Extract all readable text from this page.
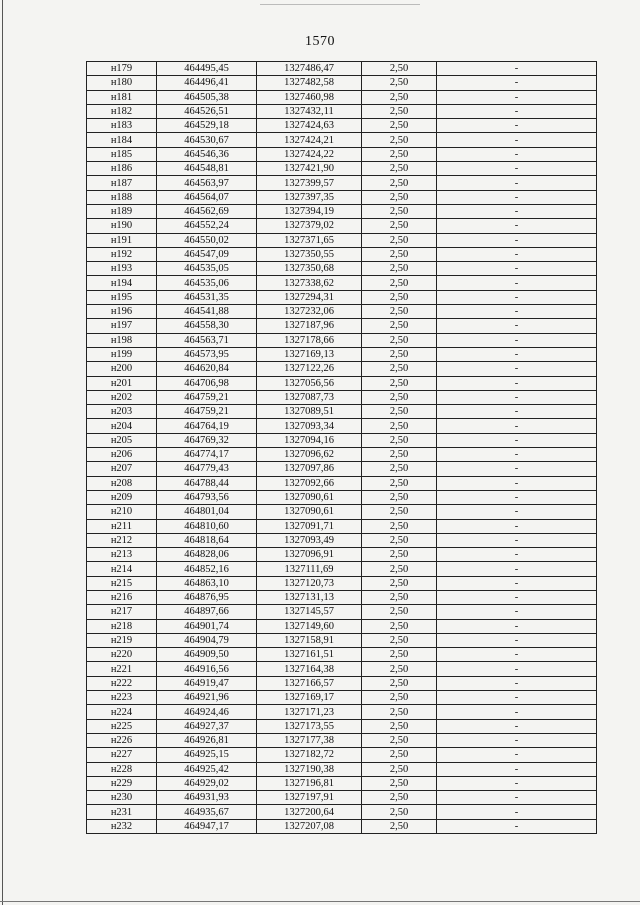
1570
н179	464495,45	1327486,47	2,50	-
н180	464496,41	1327482,58	2,50	-
н181	464505,38	1327460,98	2,50	-
н182	464526,51	1327432,11	2,50	-
н183	464529,18	1327424,63	2,50	-
н184	464530,67	1327424,21	2,50	-
н185	464546,36	1327424,22	2,50	-
н186	464548,81	1327421,90	2,50	-
н187	464563,97	1327399,57	2,50	-
н188	464564,07	1327397,35	2,50	-
н189	464562,69	1327394,19	2,50	-
н190	464552,24	1327379,02	2,50	-
н191	464550,02	1327371,65	2,50	-
н192	464547,09	1327350,55	2,50	-
н193	464535,05	1327350,68	2,50	-
н194	464535,06	1327338,62	2,50	-
н195	464531,35	1327294,31	2,50	-
н196	464541,88	1327232,06	2,50	-
н197	464558,30	1327187,96	2,50	-
н198	464563,71	1327178,66	2,50	-
н199	464573,95	1327169,13	2,50	-
н200	464620,84	1327122,26	2,50	-
н201	464706,98	1327056,56	2,50	-
н202	464759,21	1327087,73	2,50	-
н203	464759,21	1327089,51	2,50	-
н204	464764,19	1327093,34	2,50	-
н205	464769,32	1327094,16	2,50	-
н206	464774,17	1327096,62	2,50	-
н207	464779,43	1327097,86	2,50	-
н208	464788,44	1327092,66	2,50	-
н209	464793,56	1327090,61	2,50	-
н210	464801,04	1327090,61	2,50	-
н211	464810,60	1327091,71	2,50	-
н212	464818,64	1327093,49	2,50	-
н213	464828,06	1327096,91	2,50	-
н214	464852,16	1327111,69	2,50	-
н215	464863,10	1327120,73	2,50	-
н216	464876,95	1327131,13	2,50	-
н217	464897,66	1327145,57	2,50	-
н218	464901,74	1327149,60	2,50	-
н219	464904,79	1327158,91	2,50	-
н220	464909,50	1327161,51	2,50	-
н221	464916,56	1327164,38	2,50	-
н222	464919,47	1327166,57	2,50	-
н223	464921,96	1327169,17	2,50	-
н224	464924,46	1327171,23	2,50	-
н225	464927,37	1327173,55	2,50	-
н226	464926,81	1327177,38	2,50	-
н227	464925,15	1327182,72	2,50	-
н228	464925,42	1327190,38	2,50	-
н229	464929,02	1327196,81	2,50	-
н230	464931,93	1327197,91	2,50	-
н231	464935,67	1327200,64	2,50	-
н232	464947,17	1327207,08	2,50	-
